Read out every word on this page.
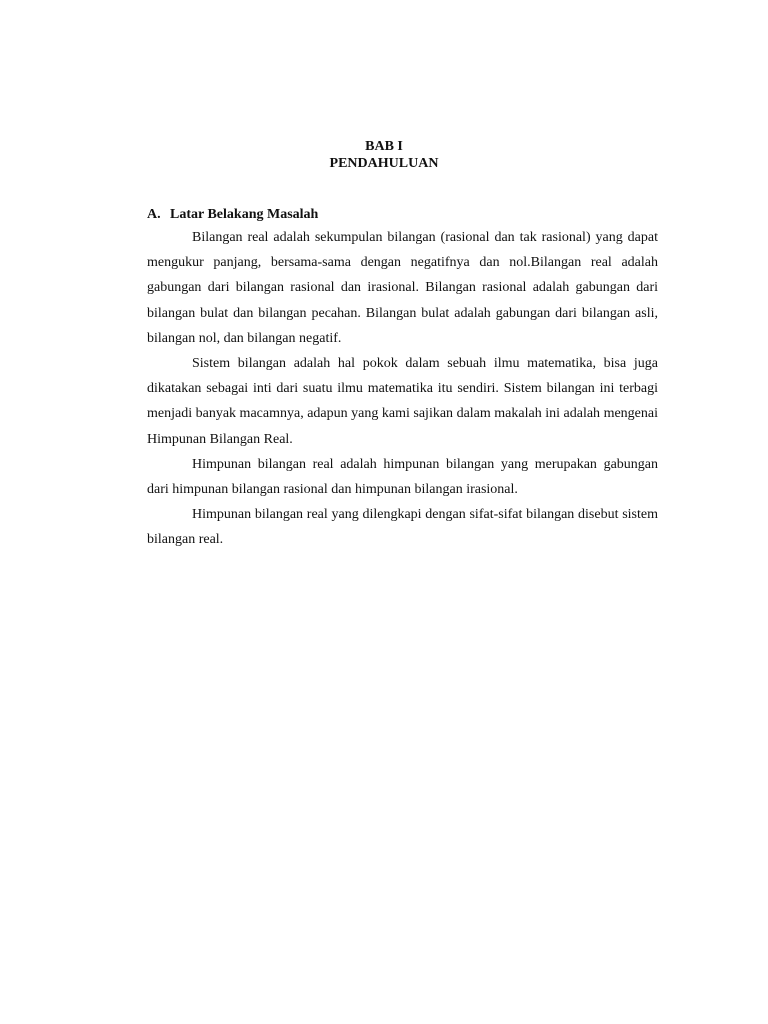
BAB I
PENDAHULUAN
A. Latar Belakang Masalah

Bilangan real adalah sekumpulan bilangan (rasional dan tak rasional) yang dapat mengukur panjang, bersama-sama dengan negatifnya dan nol.Bilangan real adalah gabungan dari bilangan rasional dan irasional. Bilangan rasional adalah gabungan dari bilangan bulat dan bilangan pecahan. Bilangan bulat adalah gabungan dari bilangan asli, bilangan nol, dan bilangan negatif.

Sistem bilangan adalah hal pokok dalam sebuah ilmu matematika, bisa juga dikatakan sebagai inti dari suatu ilmu matematika itu sendiri. Sistem bilangan ini terbagi menjadi banyak macamnya, adapun yang kami sajikan dalam makalah ini adalah mengenai Himpunan Bilangan Real.

Himpunan bilangan real adalah himpunan bilangan yang merupakan gabungan dari himpunan bilangan rasional dan himpunan bilangan irasional.

Himpunan bilangan real yang dilengkapi dengan sifat-sifat bilangan disebut sistem bilangan real.
